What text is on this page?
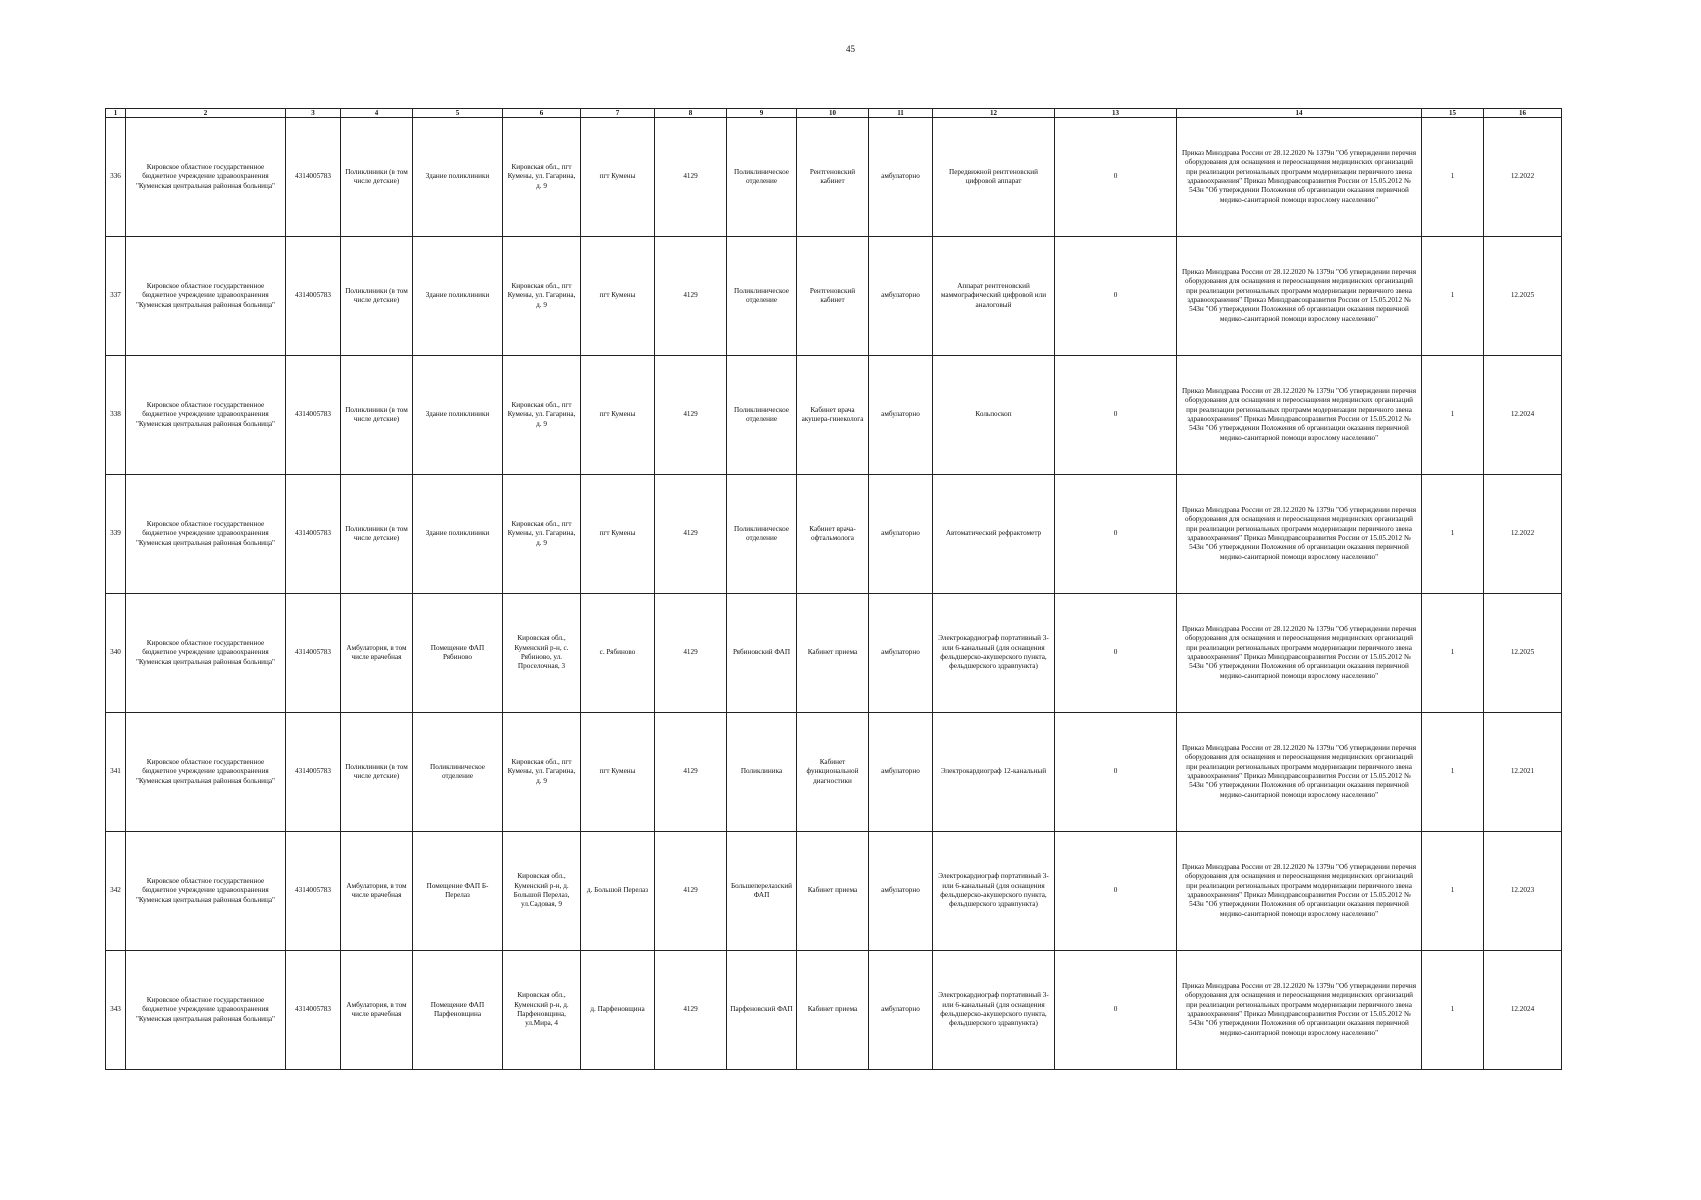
45
1	2	3	4	5	6	7	8	9	10	11	12	13	14	15	16
336	Кировское областное государственное бюджетное учреждение здравоохранения "Куменская центральная районная больница"	4314005783	Поликлиники (в том числе детские)	Здание поликлиники	Кировская обл., пгт Кумены, ул. Гагарина, д. 9	пгт Кумены	4129	Поликлиническое отделение	Рентгеновский кабинет	амбулаторно	Передвижной рентгеновский цифровой аппарат	0	Приказ Минздрава России от 28.12.2020 № 1379н "Об утверждении перечня оборудования для оснащения и переоснащения медицинских организаций при реализации региональных программ модернизации первичного звена здравоохранения" Приказ Минздравсоцразвития России от 15.05.2012 № 543н "Об утверждении Положения об организации оказания первичной медико-санитарной помощи взрослому населению"	1	12.2022
337	Кировское областное государственное бюджетное учреждение здравоохранения "Куменская центральная районная больница"	4314005783	Поликлиники (в том числе детские)	Здание поликлиники	Кировская обл., пгт Кумены, ул. Гагарина, д. 9	пгт Кумены	4129	Поликлиническое отделение	Рентгеновский кабинет	амбулаторно	Аппарат рентгеновский маммографический цифровой или аналоговый	0	Приказ Минздрава России от 28.12.2020 № 1379н "Об утверждении перечня оборудования для оснащения и переоснащения медицинских организаций при реализации региональных программ модернизации первичного звена здравоохранения" Приказ Минздравсоцразвития России от 15.05.2012 № 543н "Об утверждении Положения об организации оказания первичной медико-санитарной помощи взрослому населению"	1	12.2025
338	Кировское областное государственное бюджетное учреждение здравоохранения "Куменская центральная районная больница"	4314005783	Поликлиники (в том числе детские)	Здание поликлиники	Кировская обл., пгт Кумены, ул. Гагарина, д. 9	пгт Кумены	4129	Поликлиническое отделение	Кабинет врача акушера-гинеколога	амбулаторно	Кольпоскоп	0	Приказ Минздрава России от 28.12.2020 № 1379н "Об утверждении перечня оборудования для оснащения и переоснащения медицинских организаций при реализации региональных программ модернизации первичного звена здравоохранения" Приказ Минздравсоцразвития России от 15.05.2012 № 543н "Об утверждении Положения об организации оказания первичной медико-санитарной помощи взрослому населению"	1	12.2024
339	Кировское областное государственное бюджетное учреждение здравоохранения "Куменская центральная районная больница"	4314005783	Поликлиники (в том числе детские)	Здание поликлиники	Кировская обл., пгт Кумены, ул. Гагарина, д. 9	пгт Кумены	4129	Поликлиническое отделение	Кабинет врача-офтальмолога	амбулаторно	Автоматический рефрактометр	0	Приказ Минздрава России от 28.12.2020 № 1379н "Об утверждении перечня оборудования для оснащения и переоснащения медицинских организаций при реализации региональных программ модернизации первичного звена здравоохранения" Приказ Минздравсоцразвития России от 15.05.2012 № 543н "Об утверждении Положения об организации оказания первичной медико-санитарной помощи взрослому населению"	1	12.2022
340	Кировское областное государственное бюджетное учреждение здравоохранения "Куменская центральная районная больница"	4314005783	Амбулатория, в том числе врачебная	Помещение ФАП Рябиново	Кировская обл., Куменский р-н, с. Рябиново, ул. Проселочная, 3	с. Рябиново	4129	Рябиновский ФАП	Кабинет приема	амбулаторно	Электрокардиограф портативный 3- или 6-канальный (для оснащения фельдшерско-акушерского пункта, фельдшерского здравпункта)	0	Приказ Минздрава России от 28.12.2020 № 1379н "Об утверждении перечня оборудования для оснащения и переоснащения медицинских организаций при реализации региональных программ модернизации первичного звена здравоохранения" Приказ Минздравсоцразвития России от 15.05.2012 № 543н "Об утверждении Положения об организации оказания первичной медико-санитарной помощи взрослому населению"	1	12.2025
341	Кировское областное государственное бюджетное учреждение здравоохранения "Куменская центральная районная больница"	4314005783	Поликлиники (в том числе детские)	Поликлиническое отделение	Кировская обл., пгт Кумены, ул. Гагарина, д. 9	пгт Кумены	4129	Поликлиника	Кабинет функциональной диагностики	амбулаторно	Электрокардиограф 12-канальный	0	Приказ Минздрава России от 28.12.2020 № 1379н "Об утверждении перечня оборудования для оснащения и переоснащения медицинских организаций при реализации региональных программ модернизации первичного звена здравоохранения" Приказ Минздравсоцразвития России от 15.05.2012 № 543н "Об утверждении Положения об организации оказания первичной медико-санитарной помощи взрослому населению"	1	12.2021
342	Кировское областное государственное бюджетное учреждение здравоохранения "Куменская центральная районная больница"	4314005783	Амбулатория, в том числе врачебная	Помещение ФАП Б-Перелаз	Кировская обл., Куменский р-н, д. Большой Перелаз, ул.Садовая, 9	д. Большой Перелаз	4129	Большеперелазский ФАП	Кабинет приема	амбулаторно	Электрокардиограф портативный 3- или 6-канальный (для оснащения фельдшерско-акушерского пункта, фельдшерского здравпункта)	0	Приказ Минздрава России от 28.12.2020 № 1379н "Об утверждении перечня оборудования для оснащения и переоснащения медицинских организаций при реализации региональных программ модернизации первичного звена здравоохранения" Приказ Минздравсоцразвития России от 15.05.2012 № 543н "Об утверждении Положения об организации оказания первичной медико-санитарной помощи взрослому населению"	1	12.2023
343	Кировское областное государственное бюджетное учреждение здравоохранения "Куменская центральная районная больница"	4314005783	Амбулатория, в том числе врачебная	Помещение ФАП Парфеновщина	Кировская обл., Куменский р-н, д. Парфеновщина, ул.Мира, 4	д. Парфеновщина	4129	Парфеновский ФАП	Кабинет приема	амбулаторно	Электрокардиограф портативный 3- или 6-канальный (для оснащения фельдшерско-акушерского пункта, фельдшерского здравпункта)	0	Приказ Минздрава России от 28.12.2020 № 1379н "Об утверждении перечня оборудования для оснащения и переоснащения медицинских организаций при реализации региональных программ модернизации первичного звена здравоохранения" Приказ Минздравсоцразвития России от 15.05.2012 № 543н "Об утверждении Положения об организации оказания первичной медико-санитарной помощи взрослому населению"	1	12.2024
